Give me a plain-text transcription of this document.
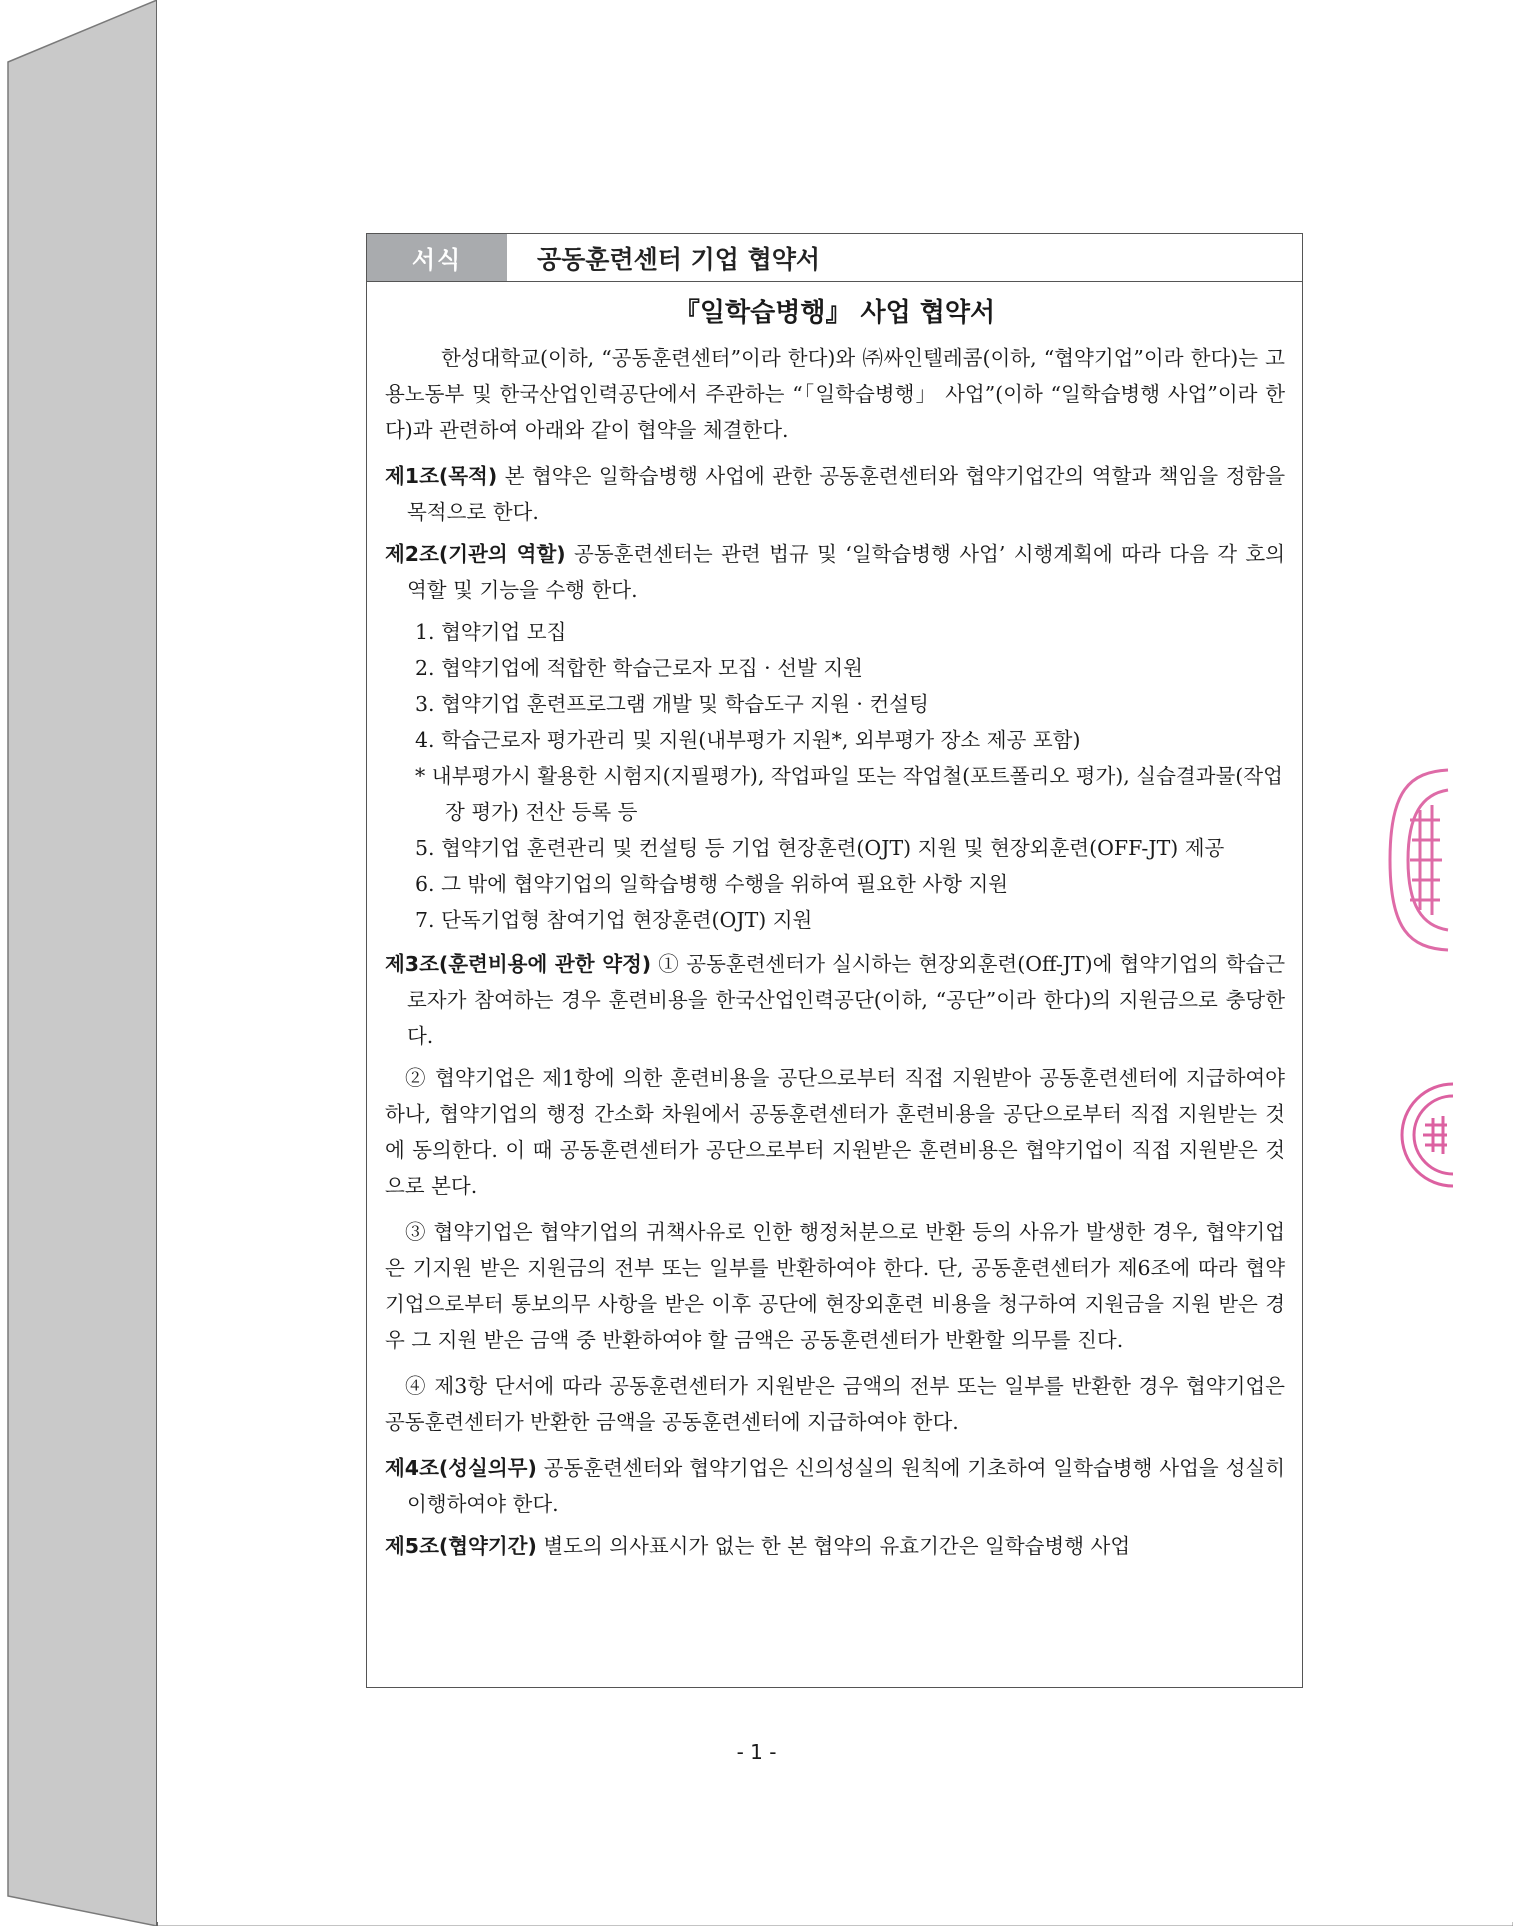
서식	공동훈련센터 기업 협약서
『일학습병행』 사업 협약서

한성대학교(이하, “공동훈련센터”이라 한다)와 ㈜싸인텔레콤(이하, “협약기업”이라 한다)는 고용노동부 및 한국산업인력공단에서 주관하는 “「일학습병행」 사업”(이하 “일학습병행 사업”이라 한다)과 관련하여 아래와 같이 협약을 체결한다.

제1조(목적) 본 협약은 일학습병행 사업에 관한 공동훈련센터와 협약기업간의 역할과 책임을 정함을 목적으로 한다.

제2조(기관의 역할) 공동훈련센터는 관련 법규 및 ‘일학습병행 사업’ 시행계획에 따라 다음 각 호의 역할 및 기능을 수행 한다.

1. 협약기업 모집
2. 협약기업에 적합한 학습근로자 모집 · 선발 지원
3. 협약기업 훈련프로그램 개발 및 학습도구 지원 · 컨설팅
4. 학습근로자 평가관리 및 지원(내부평가 지원*, 외부평가 장소 제공 포함)
* 내부평가시 활용한 시험지(지필평가), 작업파일 또는 작업철(포트폴리오 평가), 실습결과물(작업장 평가) 전산 등록 등
5. 협약기업 훈련관리 및 컨설팅 등 기업 현장훈련(OJT) 지원 및 현장외훈련(OFF-JT) 제공
6. 그 밖에 협약기업의 일학습병행 수행을 위하여 필요한 사항 지원
7. 단독기업형 참여기업 현장훈련(OJT) 지원

제3조(훈련비용에 관한 약정) ① 공동훈련센터가 실시하는 현장외훈련(Off-JT)에 협약기업의 학습근로자가 참여하는 경우 훈련비용을 한국산업인력공단(이하, “공단”이라 한다)의 지원금으로 충당한다.

② 협약기업은 제1항에 의한 훈련비용을 공단으로부터 직접 지원받아 공동훈련센터에 지급하여야 하나, 협약기업의 행정 간소화 차원에서 공동훈련센터가 훈련비용을 공단으로부터 직접 지원받는 것에 동의한다. 이 때 공동훈련센터가 공단으로부터 지원받은 훈련비용은 협약기업이 직접 지원받은 것으로 본다.

③ 협약기업은 협약기업의 귀책사유로 인한 행정처분으로 반환 등의 사유가 발생한 경우, 협약기업은 기지원 받은 지원금의 전부 또는 일부를 반환하여야 한다. 단, 공동훈련센터가 제6조에 따라 협약기업으로부터 통보의무 사항을 받은 이후 공단에 현장외훈련 비용을 청구하여 지원금을 지원 받은 경우 그 지원 받은 금액 중 반환하여야 할 금액은 공동훈련센터가 반환할 의무를 진다.

④ 제3항 단서에 따라 공동훈련센터가 지원받은 금액의 전부 또는 일부를 반환한 경우 협약기업은 공동훈련센터가 반환한 금액을 공동훈련센터에 지급하여야 한다.

제4조(성실의무) 공동훈련센터와 협약기업은 신의성실의 원칙에 기초하여 일학습병행 사업을 성실히 이행하여야 한다.

제5조(협약기간) 별도의 의사표시가 없는 한 본 협약의 유효기간은 일학습병행 사업

- 1 -
